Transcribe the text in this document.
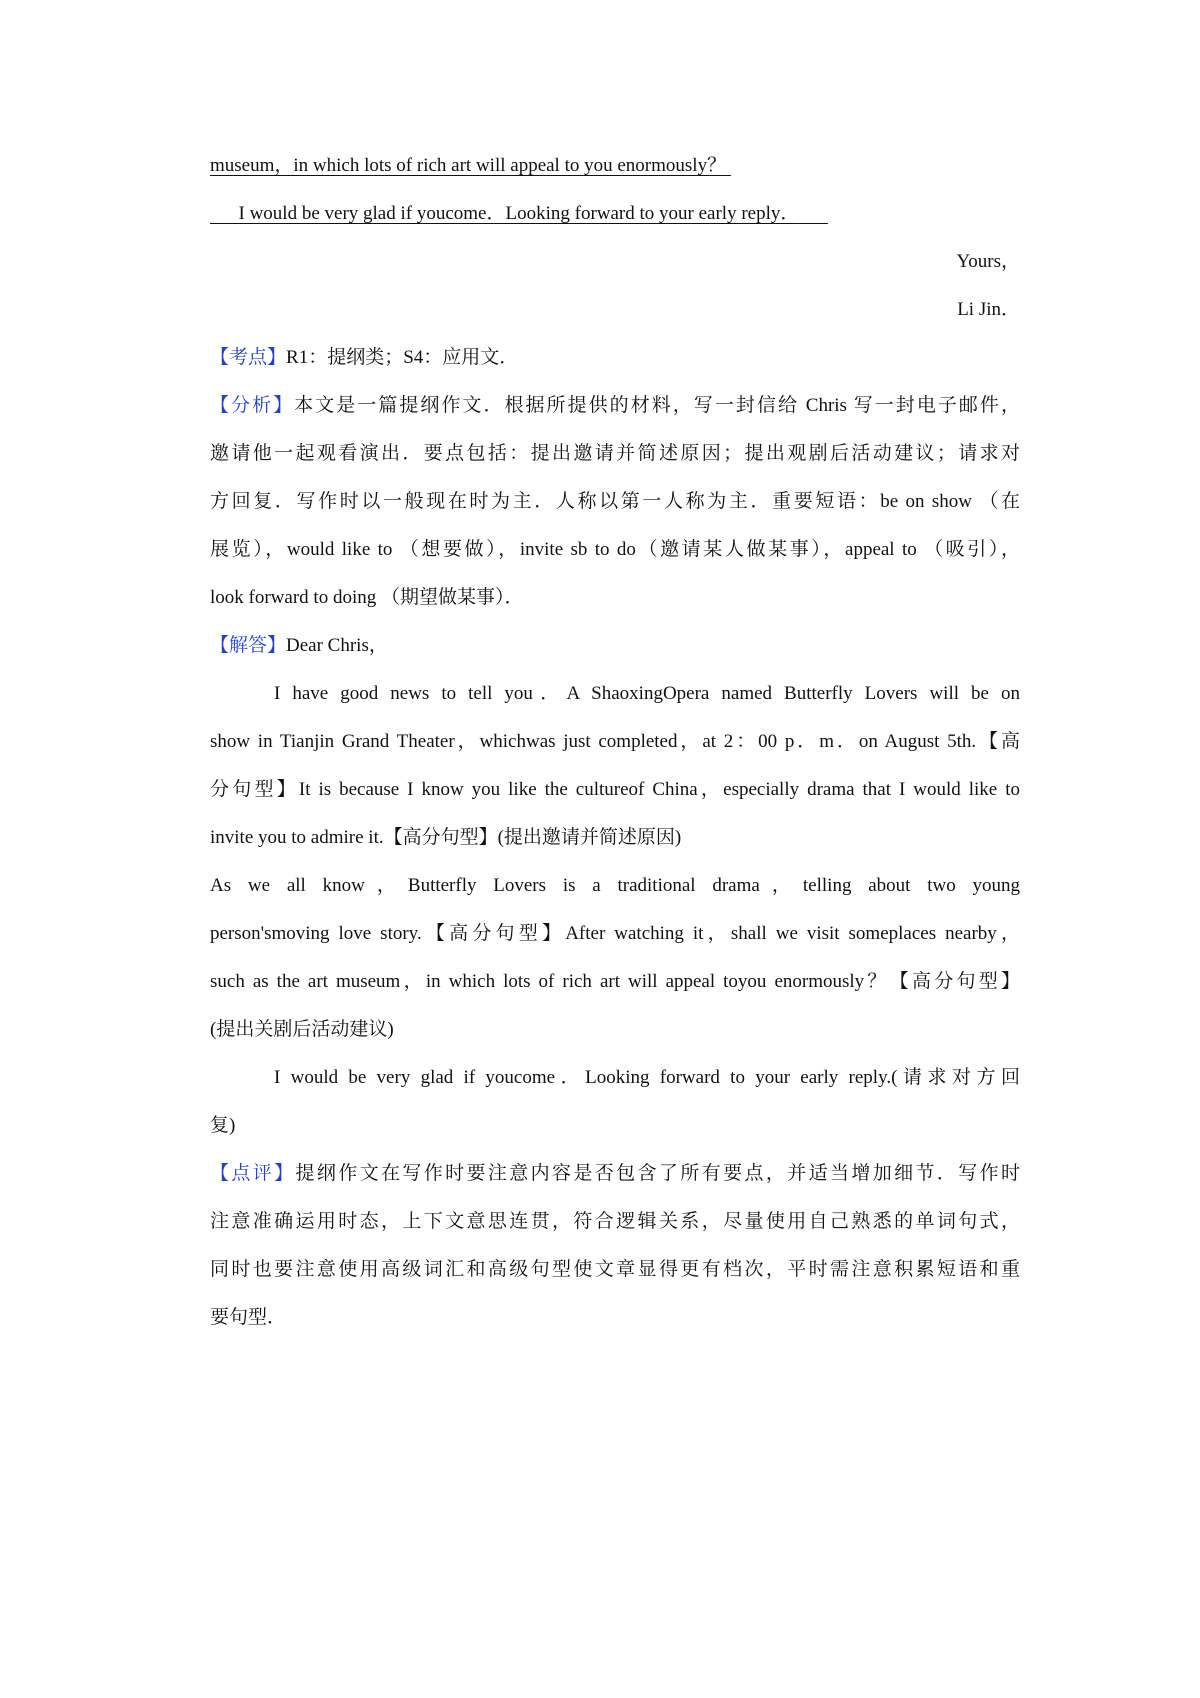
museum，in which lots of rich art will appeal to you enormously？
I would be very glad if youcome．Looking forward to your early reply．
Yours，
Li Jin．
【考点】R1：提纲类；S4：应用文．
【分析】本文是一篇提纲作文．根据所提供的材料，写一封信给 Chris 写一封电子邮件，
邀请他一起观看演出．要点包括：提出邀请并简述原因；提出观剧后活动建议；请求对
方回复．写作时以一般现在时为主．人称以第一人称为主．重要短语：be on show （在
展览），would like to （想要做），invite sb to do（邀请某人做某事），appeal to （吸引），
look forward to doing （期望做某事）．
【解答】Dear Chris，
I have good news to tell you．A ShaoxingOpera named Butterfly Lovers will be on
show in Tianjin Grand Theater，whichwas just completed，at 2：00 p．m．on August 5th.【高
分句型】It is because I know you like the cultureof China，especially drama that I would like to
invite you to admire it.【高分句型】(提出邀请并简述原因)
As we all know，Butterfly Lovers is a traditional drama，telling about two young
person'smoving love story.【高分句型】After watching it，shall we visit someplaces nearby，
such as the art museum，in which lots of rich art will appeal toyou enormously？【高分句型】
(提出关剧后活动建议)
I would be very glad if youcome．Looking forward to your early reply.(请求对方回
复)
【点评】提纲作文在写作时要注意内容是否包含了所有要点，并适当增加细节．写作时
注意准确运用时态，上下文意思连贯，符合逻辑关系，尽量使用自己熟悉的单词句式，
同时也要注意使用高级词汇和高级句型使文章显得更有档次，平时需注意积累短语和重
要句型．
